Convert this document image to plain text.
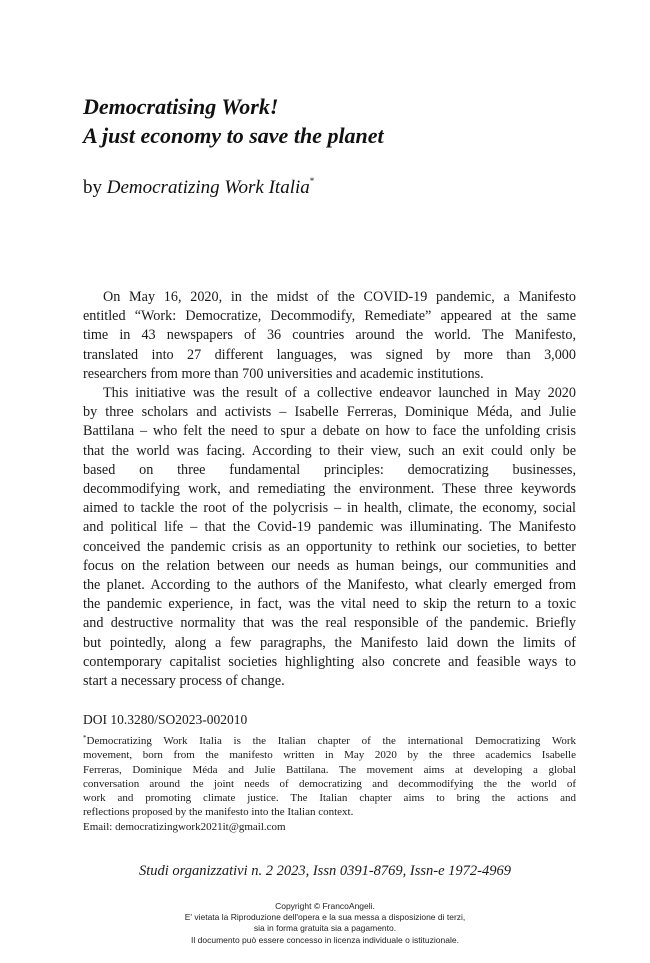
Democratising Work!
A just economy to save the planet
by Democratizing Work Italia*

On May 16, 2020, in the midst of the COVID-19 pandemic, a Manifesto
entitled “Work: Democratize, Decommodify, Remediate” appeared at the same
time in 43 newspapers of 36 countries around the world. The Manifesto,
translated into 27 different languages, was signed by more than 3,000
researchers from more than 700 universities and academic institutions.

This initiative was the result of a collective endeavor launched in May 2020
by three scholars and activists – Isabelle Ferreras, Dominique Méda, and Julie
Battilana – who felt the need to spur a debate on how to face the unfolding crisis
that the world was facing. According to their view, such an exit could only be
based on three fundamental principles: democratizing businesses,
decommodifying work, and remediating the environment. These three keywords
aimed to tackle the root of the polycrisis – in health, climate, the economy, social
and political life – that the Covid-19 pandemic was illuminating. The Manifesto
conceived the pandemic crisis as an opportunity to rethink our societies, to better
focus on the relation between our needs as human beings, our communities and
the planet. According to the authors of the Manifesto, what clearly emerged from
the pandemic experience, in fact, was the vital need to skip the return to a toxic
and destructive normality that was the real responsible of the pandemic. Briefly
but pointedly, along a few paragraphs, the Manifesto laid down the limits of
contemporary capitalist societies highlighting also concrete and feasible ways to
start a necessary process of change.

DOI 10.3280/SO2023-002010
*Democratizing Work Italia is the Italian chapter of the international Democratizing Work
movement, born from the manifesto written in May 2020 by the three academics Isabelle
Ferreras, Dominique Méda and Julie Battilana. The movement aims at developing a global
conversation around the joint needs of democratizing and decommodifying the the world of
work and promoting climate justice. The Italian chapter aims to bring the actions and
reflections proposed by the manifesto into the Italian context.
Email: democratizingwork2021it@gmail.com
Studi organizzativi n. 2 2023, Issn 0391-8769, Issn-e 1972-4969
Copyright © FrancoAngeli.
E' vietata la Riproduzione dell'opera e la sua messa a disposizione di terzi,
sia in forma gratuita sia a pagamento.
Il documento può essere concesso in licenza individuale o istituzionale.
